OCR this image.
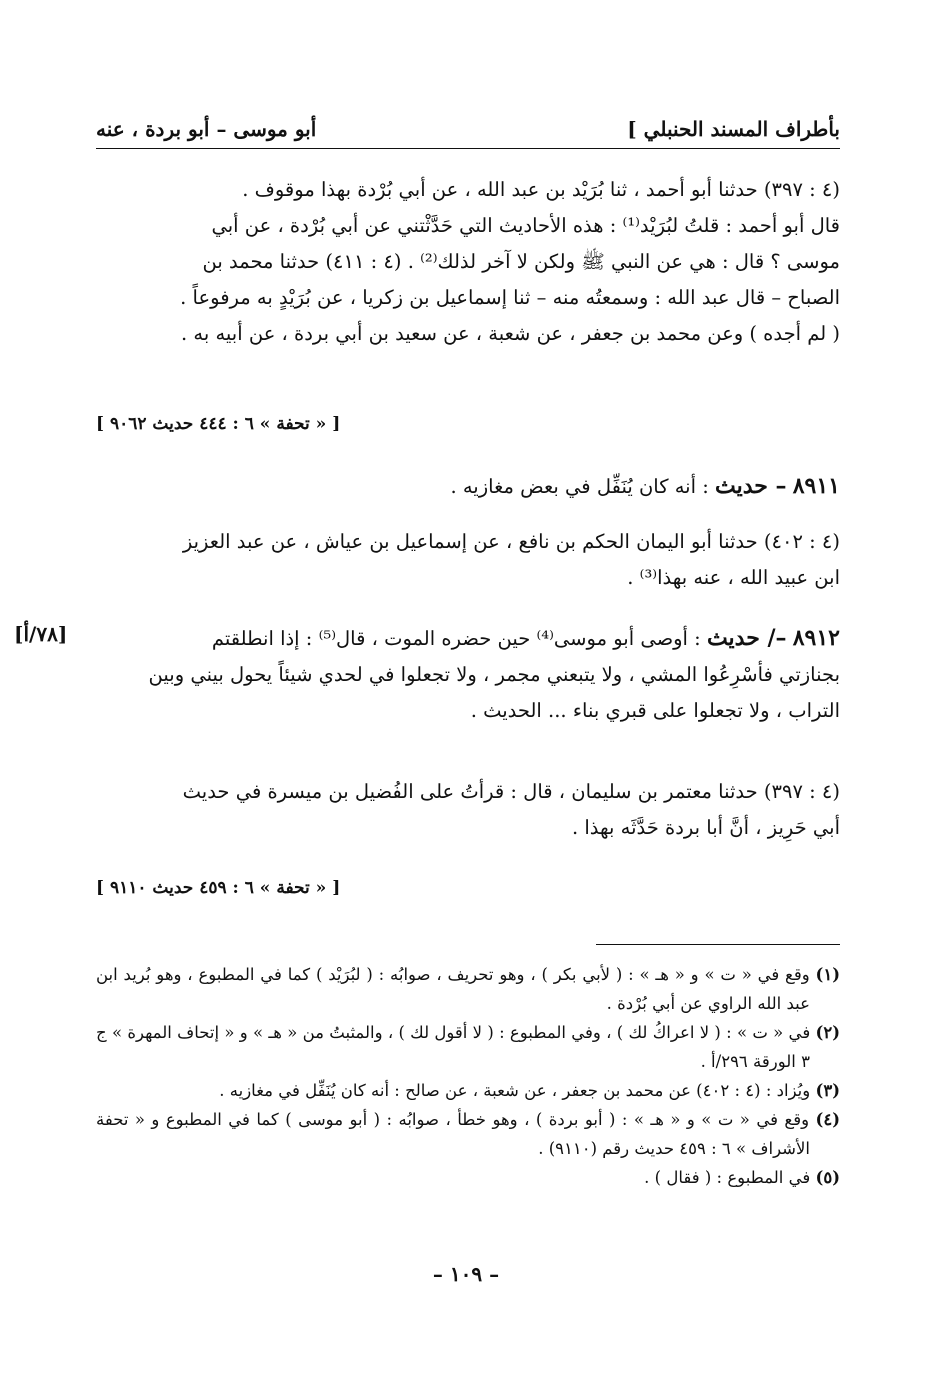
بأطراف المسند الحنبلي ]
أبو موسى – أبو بردة ، عنه
[٧٨/أ]

(٤ : ٣٩٧) حدثنا أبو أحمد ، ثنا بُرَيْد بن عبد الله ، عن أبي بُرْدة بهذا موقوف .

قال أبو أحمد : قلتُ لبُرَيْد⁽¹⁾ : هذه الأحاديث التي حَدَّثْتني عن أبي بُرْدة ، عن أبي

موسى ؟ قال : هي عن النبي ﷺ ولكن لا آخر لذلك⁽²⁾ . (٤ : ٤١١) حدثنا محمد بن

الصباح – قال عبد الله : وسمعتُه منه – ثنا إسماعيل بن زكريا ، عن بُرَيْدٍ به مرفوعاً .

( لم أجده ) وعن محمد بن جعفر ، عن شعبة ، عن سعيد بن أبي بردة ، عن أبيه به .

[ « تحفة » ٦ : ٤٤٤ حديث ٩٠٦٢ ]
٨٩١١ – حديث : أنه كان يُنَفِّل في بعض مغازيه .

(٤ : ٤٠٢) حدثنا أبو اليمان الحكم بن نافع ، عن إسماعيل بن عياش ، عن عبد العزيز

ابن عبيد الله ، عنه بهذا⁽³⁾ .

٨٩١٢ –/ حديث : أوصى أبو موسى⁽⁴⁾ حين حضره الموت ، قال⁽⁵⁾ : إذا انطلقتم

بجنازتي فأسْرِعُوا المشي ، ولا يتبعني مجمر ، ولا تجعلوا في لحدي شيئاً يحول بيني وبين

التراب ، ولا تجعلوا على قبري بناء ... الحديث .

(٤ : ٣٩٧) حدثنا معتمر بن سليمان ، قال : قرأتُ على الفُضيل بن ميسرة في حديث

أبي حَرِيز ، أنَّ أبا بردة حَدَّثَه بهذا .

[ « تحفة » ٦ : ٤٥٩ حديث ٩١١٠ ]

(١) وقع في « ت » و « هـ » : ( لأبي بكر ) ، وهو تحريف ، صوابُه : ( لبُرَيْد ) كما في المطبوع ، وهو بُريد ابن عبد الله الراوي عن أبي بُرْدة .

(٢) في « ت » : ( لا اعراكُ لك ) ، وفي المطبوع : ( لا أقول لك ) ، والمثبتُ من « هـ » و « إتحاف المهرة » ج ٣ الورقة ٢٩٦/أ .

(٣) ويُزاد : (٤ : ٤٠٢) عن محمد بن جعفر ، عن شعبة ، عن صالح : أنه كان يُنَفِّل في مغازيه .

(٤) وقع في « ت » و « هـ » : ( أبو بردة ) ، وهو خطأ ، صوابُه : ( أبو موسى ) كما في المطبوع و « تحفة الأشراف » ٦ : ٤٥٩ حديث رقم (٩١١٠) .

(٥) في المطبوع : ( فقال ) .

– ١٠٩ –
